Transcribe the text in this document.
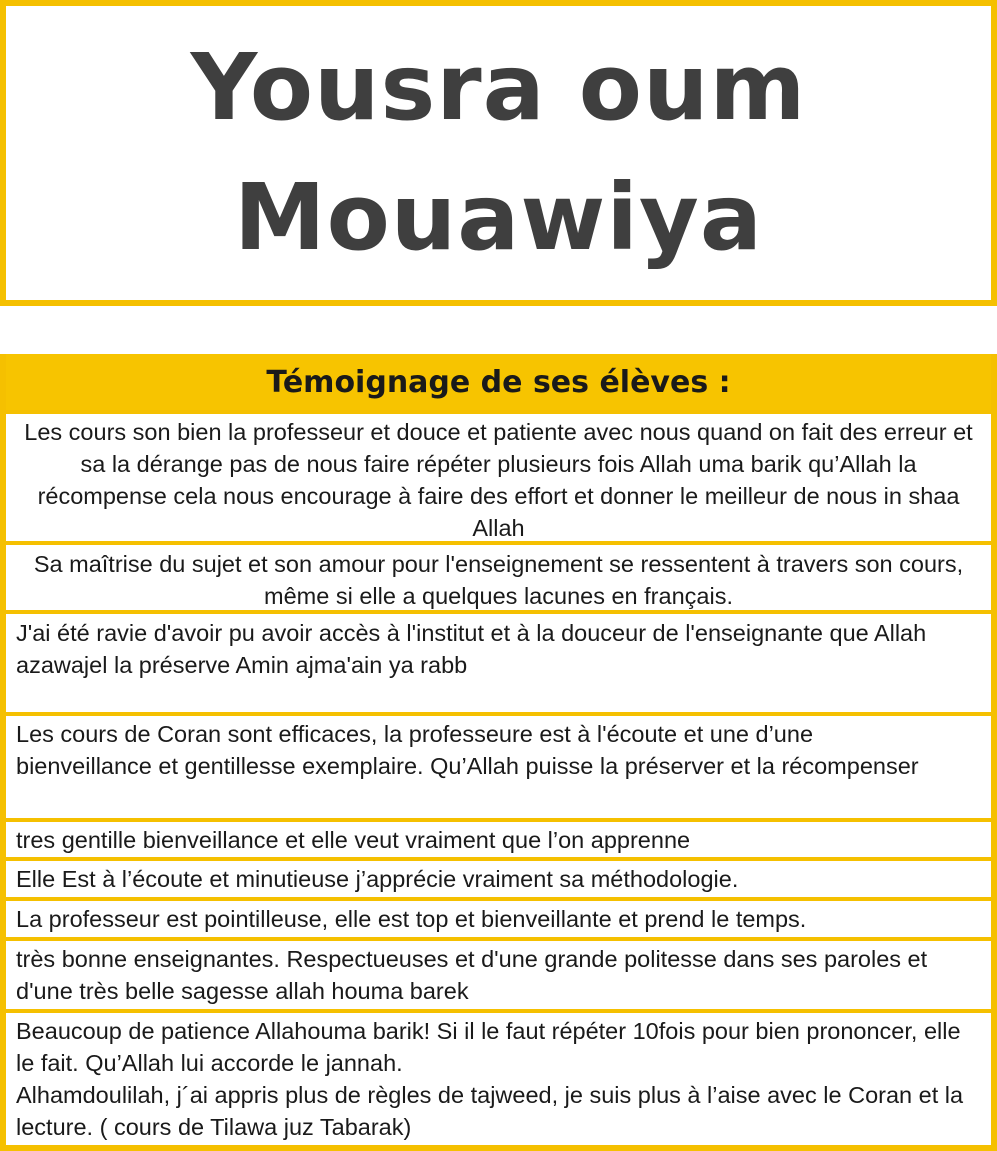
Yousra oum
Mouawiya
Témoignage de ses élèves :
Les cours son bien la professeur et douce et patiente avec nous quand on fait des erreur et sa la dérange pas de nous faire répéter plusieurs fois Allah uma barik qu’Allah la récompense cela nous encourage à faire des effort et donner le meilleur de nous in shaa Allah
Sa maîtrise du sujet et son amour pour l'enseignement se ressentent à travers son cours, même si elle a quelques lacunes en français.
J'ai été ravie d'avoir pu avoir accès à l'institut et à la douceur de l'enseignante que Allah azawajel la préserve Amin ajma'ain ya rabb
Les cours de Coran sont efficaces, la professeure est à l'écoute et une d’une bienveillance et gentillesse exemplaire. Qu’Allah puisse la préserver et la récompenser
tres gentille bienveillance et elle veut vraiment que l’on apprenne
Elle Est à l’écoute et minutieuse j’apprécie vraiment sa méthodologie.
La professeur est pointilleuse, elle est top et bienveillante et prend le temps.
très bonne enseignantes. Respectueuses et d'une grande politesse dans ses paroles et d'une très belle sagesse allah houma barek
Beaucoup de patience Allahouma barik! Si il le faut répéter 10fois pour bien prononcer, elle le fait. Qu’Allah lui accorde le jannah.
Alhamdoulilah, j´ai appris plus de règles de tajweed, je suis plus à l’aise avec le Coran et la lecture. ( cours de Tilawa juz Tabarak)
